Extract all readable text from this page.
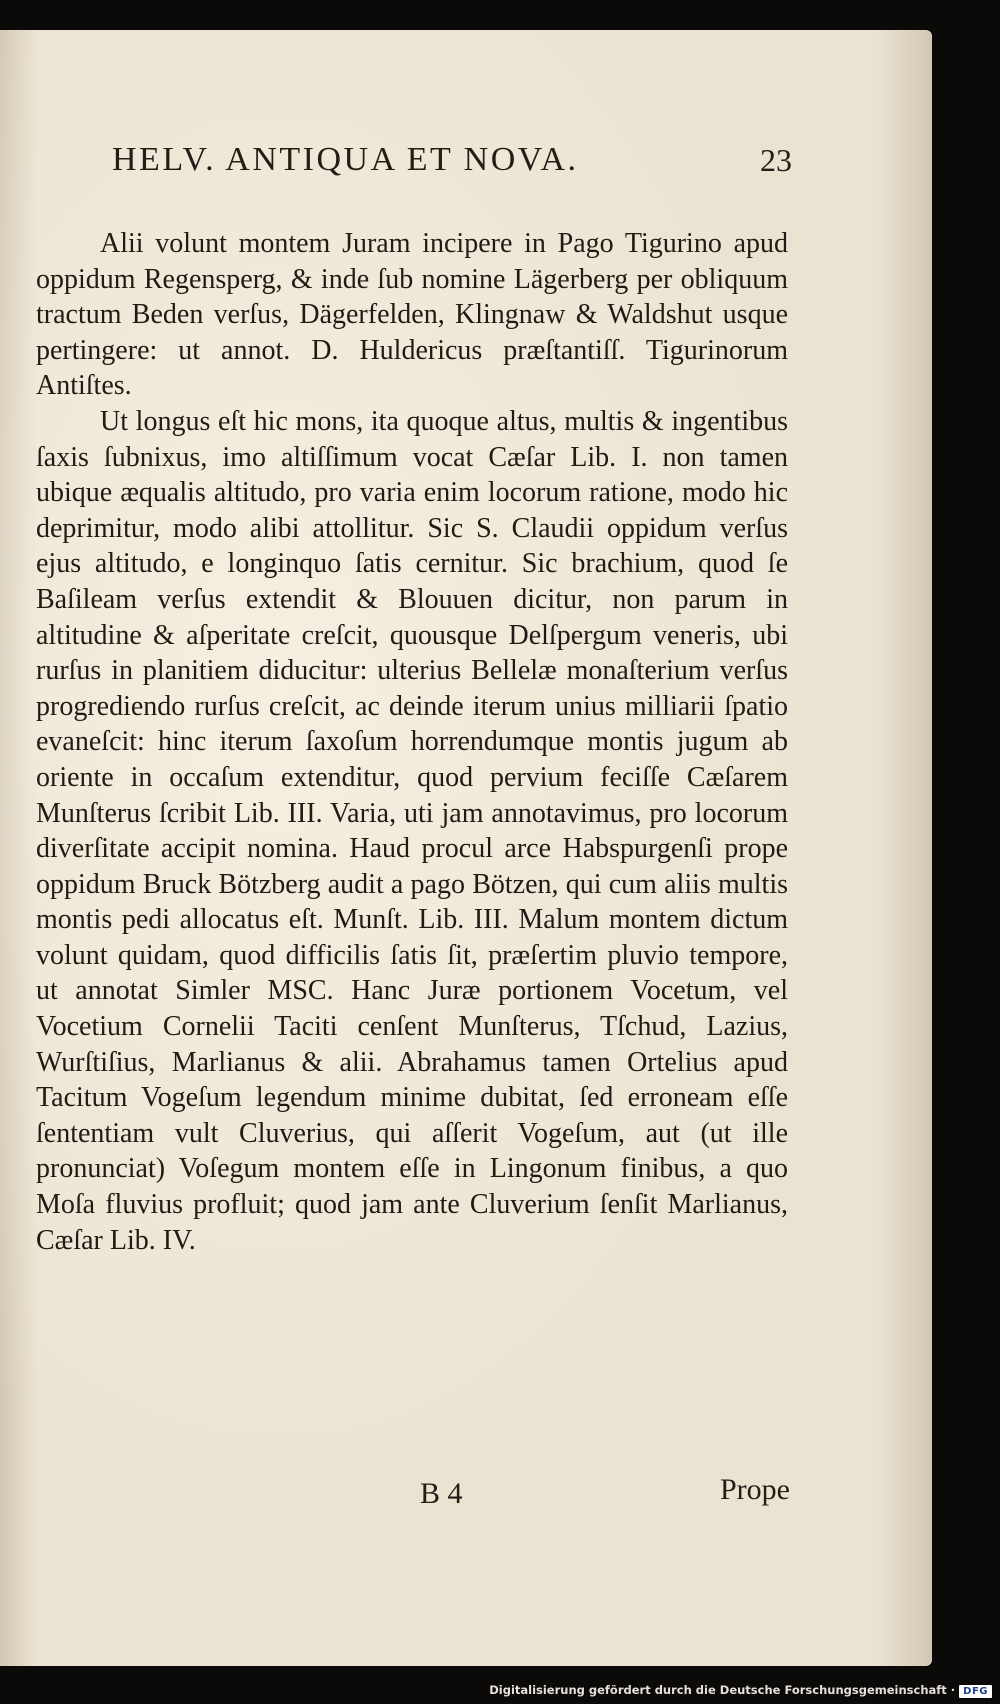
HELV. ANTIQUA ET NOVA.	23

Alii volunt montem Juram incipere in Pago Tigurino apud oppidum Regensperg, & inde ſub nomine Lägerberg per obliquum tractum Beden verſus, Dägerfelden, Klingnaw & Waldshut usque pertingere: ut annot. D. Huldericus præſtantiſſ. Tigurinorum Antiſtes.

Ut longus eſt hic mons, ita quoque altus, multis & ingentibus ſaxis ſubnixus, imo altiſſimum vocat Cæſar Lib. I. non tamen ubique æqualis altitudo, pro varia enim locorum ratione, modo hic deprimitur, modo alibi attollitur. Sic S. Claudii oppidum verſus ejus altitudo, e longinquo ſatis cernitur. Sic brachium, quod ſe Baſileam verſus extendit & Blouuen dicitur, non parum in altitudine & aſperitate creſcit, quousque Delſpergum veneris, ubi rurſus in planitiem diducitur: ulterius Bellelæ monaſterium verſus progrediendo rurſus creſcit, ac deinde iterum unius milliarii ſpatio evaneſcit: hinc iterum ſaxoſum horrendumque montis jugum ab oriente in occaſum extenditur, quod pervium feciſſe Cæſarem Munſterus ſcribit Lib. III. Varia, uti jam annotavimus, pro locorum diverſitate accipit nomina. Haud procul arce Habspurgenſi prope oppidum Bruck Bötzberg audit a pago Bötzen, qui cum aliis multis montis pedi allocatus eſt. Munſt. Lib. III. Malum montem dictum volunt quidam, quod difficilis ſatis ſit, præſertim pluvio tempore, ut annotat Simler MSC. Hanc Juræ portionem Vocetum, vel Vocetium Cornelii Taciti cenſent Munſterus, Tſchud, Lazius, Wurſtiſius, Marlianus & alii. Abrahamus tamen Ortelius apud Tacitum Vogeſum legendum minime dubitat, ſed erroneam eſſe ſententiam vult Cluverius, qui aſſerit Vogeſum, aut (ut ille pronunciat) Voſegum montem eſſe in Lingonum finibus, a quo Moſa fluvius profluit; quod jam ante Cluverium ſenſit Marlianus, Cæſar Lib. IV.

B 4	Prope
Digitalisierung gefördert durch die Deutsche Forschungsgemeinschaft · DFG
